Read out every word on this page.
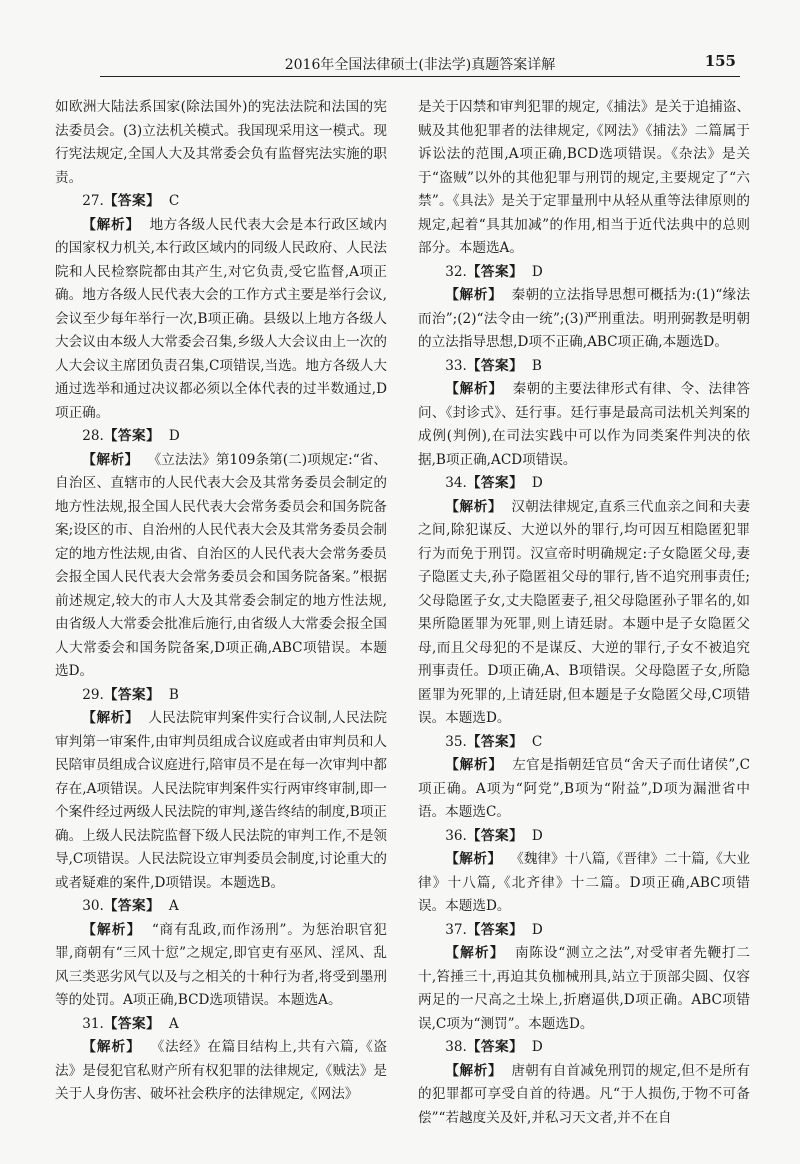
2016年全国法律硕士(非法学)真题答案详解	155

如欧洲大陆法系国家(除法国外)的宪法法院和法国的宪法委员会。(3)立法机关模式。我国现采用这一模式。现行宪法规定,全国人大及其常委会负有监督宪法实施的职责。

27.【答案】 C

【解析】 地方各级人民代表大会是本行政区域内的国家权力机关,本行政区域内的同级人民政府、人民法院和人民检察院都由其产生,对它负责,受它监督,A项正确。地方各级人民代表大会的工作方式主要是举行会议,会议至少每年举行一次,B项正确。县级以上地方各级人大会议由本级人大常委会召集,乡级人大会议由上一次的人大会议主席团负责召集,C项错误,当选。地方各级人大通过选举和通过决议都必须以全体代表的过半数通过,D项正确。

28.【答案】 D

【解析】 《立法法》第109条第(二)项规定:“省、自治区、直辖市的人民代表大会及其常务委员会制定的地方性法规,报全国人民代表大会常务委员会和国务院备案;设区的市、自治州的人民代表大会及其常务委员会制定的地方性法规,由省、自治区的人民代表大会常务委员会报全国人民代表大会常务委员会和国务院备案。”根据前述规定,较大的市人大及其常委会制定的地方性法规,由省级人大常委会批准后施行,由省级人大常委会报全国人大常委会和国务院备案,D项正确,ABC项错误。本题选D。

29.【答案】 B

【解析】 人民法院审判案件实行合议制,人民法院审判第一审案件,由审判员组成合议庭或者由审判员和人民陪审员组成合议庭进行,陪审员不是在每一次审判中都存在,A项错误。人民法院审判案件实行两审终审制,即一个案件经过两级人民法院的审判,遂告终结的制度,B项正确。上级人民法院监督下级人民法院的审判工作,不是领导,C项错误。人民法院设立审判委员会制度,讨论重大的或者疑难的案件,D项错误。本题选B。

30.【答案】 A

【解析】 “商有乱政,而作汤刑”。为惩治职官犯罪,商朝有“三风十愆”之规定,即官吏有巫风、淫风、乱风三类恶劣风气以及与之相关的十种行为者,将受到墨刑等的处罚。A项正确,BCD选项错误。本题选A。

31.【答案】 A

【解析】 《法经》在篇目结构上,共有六篇,《盗法》是侵犯官私财产所有权犯罪的法律规定,《贼法》是关于人身伤害、破坏社会秩序的法律规定,《网法》

是关于囚禁和审判犯罪的规定,《捕法》是关于追捕盗、贼及其他犯罪者的法律规定,《网法》《捕法》二篇属于诉讼法的范围,A项正确,BCD选项错误。《杂法》是关于“盗贼”以外的其他犯罪与刑罚的规定,主要规定了“六禁”。《具法》是关于定罪量刑中从轻从重等法律原则的规定,起着“具其加减”的作用,相当于近代法典中的总则部分。本题选A。

32.【答案】 D

【解析】 秦朝的立法指导思想可概括为:(1)“缘法而治”;(2)“法令由一统”;(3)严刑重法。明刑弼教是明朝的立法指导思想,D项不正确,ABC项正确,本题选D。

33.【答案】 B

【解析】 秦朝的主要法律形式有律、令、法律答问、《封诊式》、廷行事。廷行事是最高司法机关判案的成例(判例),在司法实践中可以作为同类案件判决的依据,B项正确,ACD项错误。

34.【答案】 D

【解析】 汉朝法律规定,直系三代血亲之间和夫妻之间,除犯谋反、大逆以外的罪行,均可因互相隐匿犯罪行为而免于刑罚。汉宣帝时明确规定:子女隐匿父母,妻子隐匿丈夫,孙子隐匿祖父母的罪行,皆不追究刑事责任;父母隐匿子女,丈夫隐匿妻子,祖父母隐匿孙子罪名的,如果所隐匿罪为死罪,则上请廷尉。本题中是子女隐匿父母,而且父母犯的不是谋反、大逆的罪行,子女不被追究刑事责任。D项正确,A、B项错误。父母隐匿子女,所隐匿罪为死罪的,上请廷尉,但本题是子女隐匿父母,C项错误。本题选D。

35.【答案】 C

【解析】 左官是指朝廷官员“舍天子而仕诸侯”,C项正确。A项为“阿党”,B项为“附益”,D项为漏泄省中语。本题选C。

36.【答案】 D

【解析】 《魏律》十八篇,《晋律》二十篇,《大业律》十八篇,《北齐律》十二篇。D项正确,ABC项错误。本题选D。

37.【答案】 D

【解析】 南陈设“测立之法”,对受审者先鞭打二十,笞捶三十,再迫其负枷械刑具,站立于顶部尖圆、仅容两足的一尺高之土垛上,折磨逼供,D项正确。ABC项错误,C项为“测罚”。本题选D。

38.【答案】 D

【解析】 唐朝有自首减免刑罚的规定,但不是所有的犯罪都可享受自首的待遇。凡“于人损伤,于物不可备偿”“若越度关及奸,并私习天文者,并不在自
